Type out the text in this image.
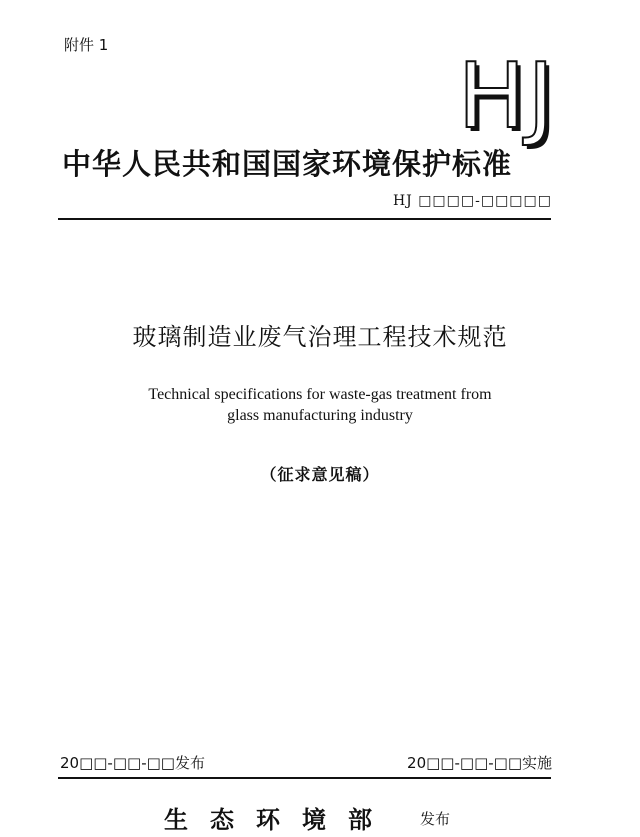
附件 1	HJ
中华人民共和国国家环境保护标准
HJ □□□□-□□□□□
玻璃制造业废气治理工程技术规范
Technical specifications for waste-gas treatment from
glass manufacturing industry
（征求意见稿）
20□□-□□-□□发布	20□□-□□-□□实施
生态环境部 发布
